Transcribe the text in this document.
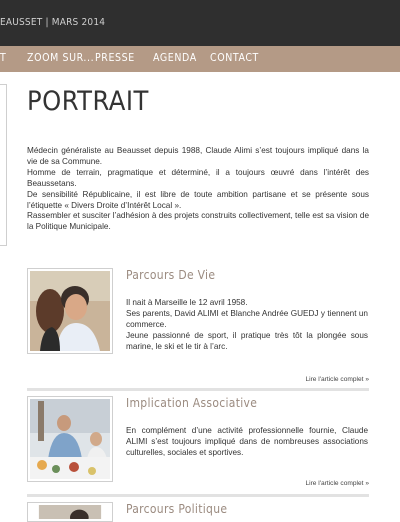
EAUSSET | MARS 2014
T ZOOM SUR... PRESSE AGENDA CONTACT
PORTRAIT

Médecin généraliste au Beausset depuis 1988, Claude Alimi s’est toujours impliqué dans la vie de sa Commune.

Homme de terrain, pragmatique et déterminé, il a toujours œuvré dans l’intérêt des Beaussetans.

De sensibilité Républicaine, il est libre de toute ambition partisane et se présente sous l’étiquette « Divers Droite d’Intérêt Local ».

Rassembler et susciter l’adhésion à des projets construits collectivement, telle est sa vision de la Politique Municipale.

Parcours De Vie

Il nait à Marseille le 12 avril 1958.

Ses parents, David ALIMI et Blanche Andrée GUEDJ y tiennent un commerce.

Jeune passionné de sport, il pratique très tôt la plongée sous marine, le ski et le tir à l’arc.

Lire l'article complet »
Implication Associative

En complément d’une activité professionnelle fournie, Claude ALIMI s’est toujours impliqué dans de nombreuses associations culturelles, sociales et sportives.

Lire l'article complet »
Parcours Politique
